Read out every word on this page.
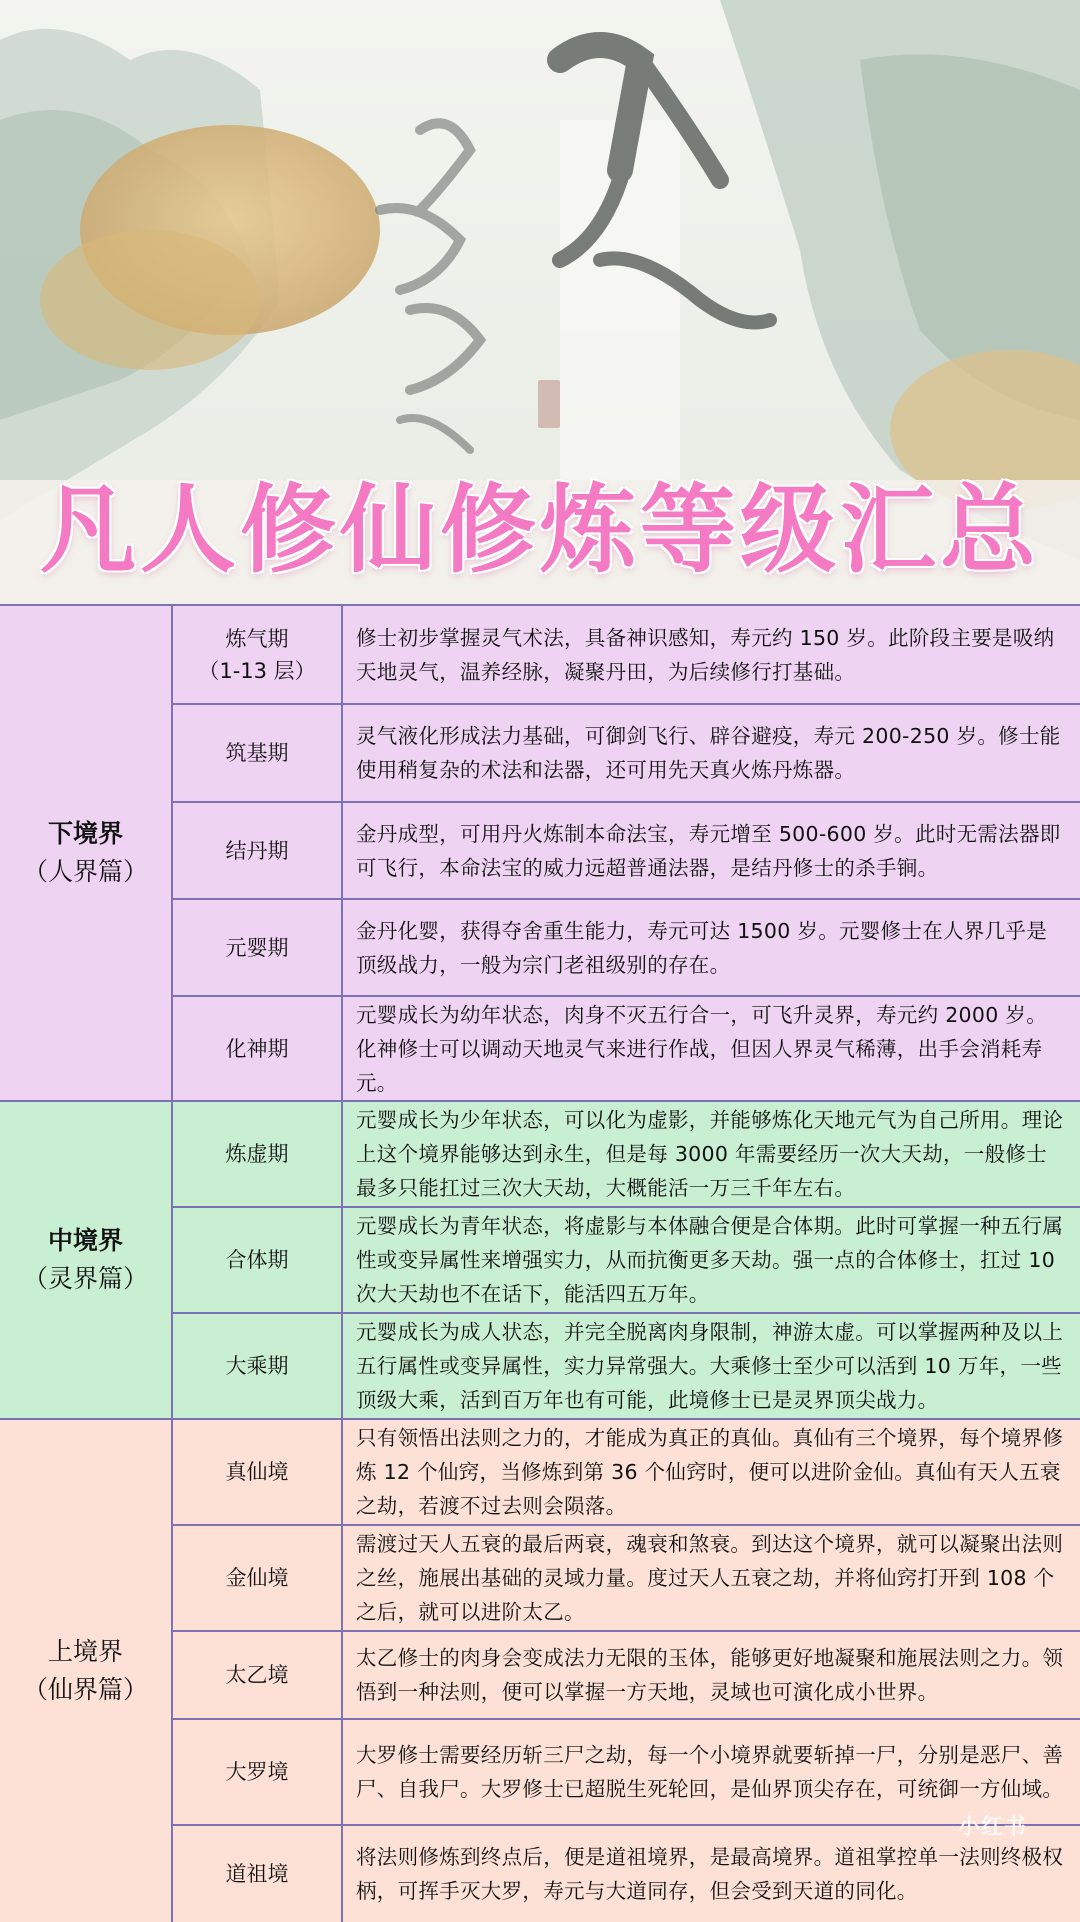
凡人修仙修炼等级汇总
下境界
（人界篇）
炼气期
（1-13 层）
修士初步掌握灵气术法，具备神识感知，寿元约 150 岁。此阶段主要是吸纳天地灵气，温养经脉，凝聚丹田，为后续修行打基础。
筑基期
灵气液化形成法力基础，可御剑飞行、辟谷避疫，寿元 200-250 岁。修士能使用稍复杂的术法和法器，还可用先天真火炼丹炼器。
结丹期
金丹成型，可用丹火炼制本命法宝，寿元增至 500-600 岁。此时无需法器即可飞行，本命法宝的威力远超普通法器，是结丹修士的杀手锏。
元婴期
金丹化婴，获得夺舍重生能力，寿元可达 1500 岁。元婴修士在人界几乎是顶级战力，一般为宗门老祖级别的存在。
化神期
元婴成长为幼年状态，肉身不灭五行合一，可飞升灵界，寿元约 2000 岁。化神修士可以调动天地灵气来进行作战，但因人界灵气稀薄，出手会消耗寿元。
中境界
（灵界篇）
炼虚期
元婴成长为少年状态，可以化为虚影，并能够炼化天地元气为自己所用。理论上这个境界能够达到永生，但是每 3000 年需要经历一次大天劫，一般修士最多只能扛过三次大天劫，大概能活一万三千年左右。
合体期
元婴成长为青年状态，将虚影与本体融合便是合体期。此时可掌握一种五行属性或变异属性来增强实力，从而抗衡更多天劫。强一点的合体修士，扛过 10 次大天劫也不在话下，能活四五万年。
大乘期
元婴成长为成人状态，并完全脱离肉身限制，神游太虚。可以掌握两种及以上五行属性或变异属性，实力异常强大。大乘修士至少可以活到 10 万年，一些顶级大乘，活到百万年也有可能，此境修士已是灵界顶尖战力。
上境界
（仙界篇）
真仙境
只有领悟出法则之力的，才能成为真正的真仙。真仙有三个境界，每个境界修炼 12 个仙窍，当修炼到第 36 个仙窍时，便可以进阶金仙。真仙有天人五衰之劫，若渡不过去则会陨落。
金仙境
需渡过天人五衰的最后两衰，魂衰和煞衰。到达这个境界，就可以凝聚出法则之丝，施展出基础的灵域力量。度过天人五衰之劫，并将仙窍打开到 108 个之后，就可以进阶太乙。
太乙境
太乙修士的肉身会变成法力无限的玉体，能够更好地凝聚和施展法则之力。领悟到一种法则，便可以掌握一方天地，灵域也可演化成小世界。
大罗境
大罗修士需要经历斩三尸之劫，每一个小境界就要斩掉一尸，分别是恶尸、善尸、自我尸。大罗修士已超脱生死轮回，是仙界顶尖存在，可统御一方仙域。
道祖境
将法则修炼到终点后，便是道祖境界，是最高境界。道祖掌控单一法则终极权柄，可挥手灭大罗，寿元与大道同存，但会受到天道的同化。
小红书
